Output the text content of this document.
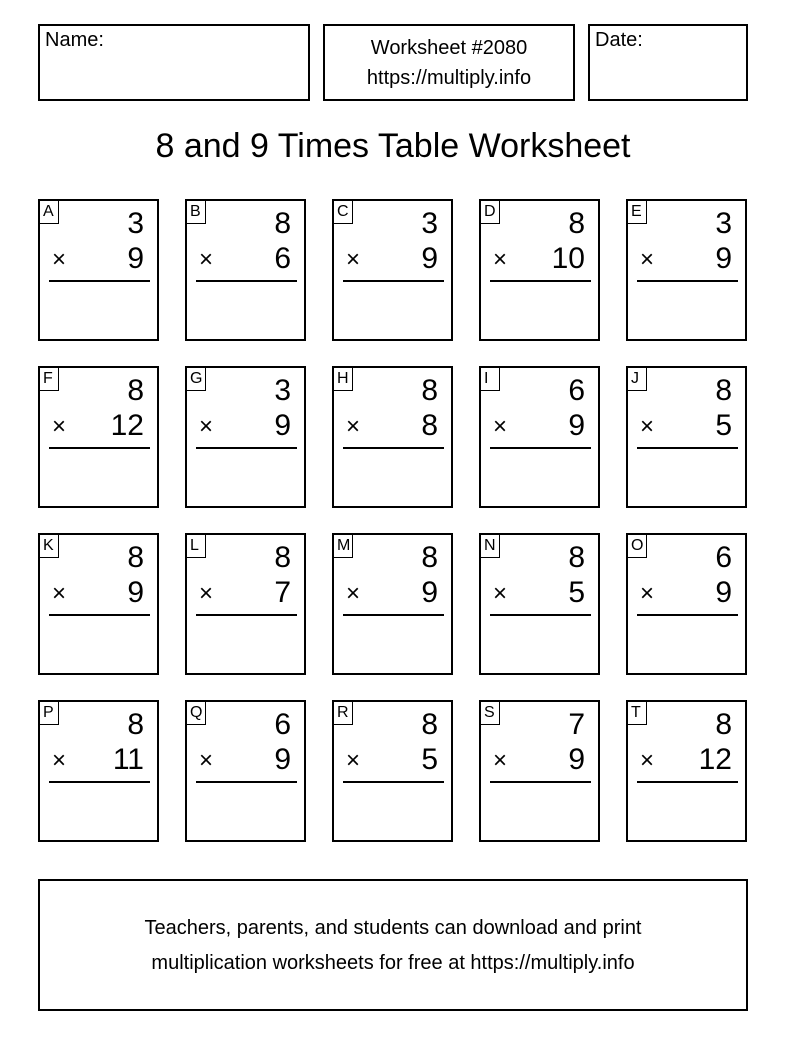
Name:	Worksheet #2080
https://multiply.info
Date:
8 and 9 Times Table Worksheet
A 3
× 9
B 8
× 6
C 3
× 9
D 8
× 10
E 3
× 9
F 8
× 12
G 3
× 9
H 8
× 8
I	6
× 9
J	8
× 5
K 8
× 9
L	8
× 7
M 8
× 9
N 8
× 5
O 6
× 9
P 8
× 11
Q 6
× 9
R 8
× 5
S 7
× 9
T 8
× 12
Teachers, parents, and students can download and print
multiplication worksheets for free at https://multiply.info
